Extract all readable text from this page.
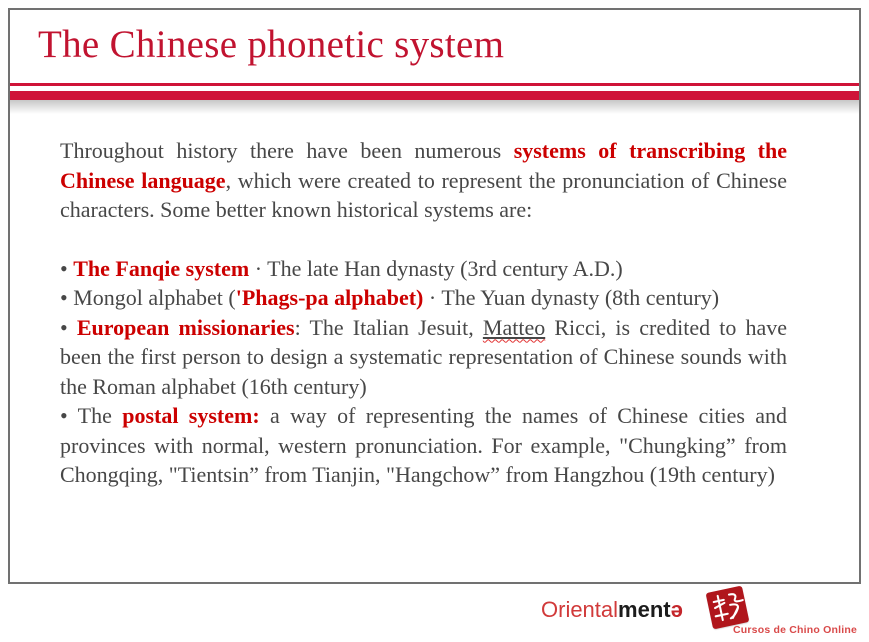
The Chinese phonetic system

Throughout history there have been numerous systems of transcribing the Chinese language, which were created to represent the pronunciation of Chinese characters. Some better known historical systems are:

• The Fanqie system · The late Han dynasty (3rd century A.D.)

• Mongol alphabet ('Phags-pa alphabet) · The Yuan dynasty (8th century)

• European missionaries: The Italian Jesuit, Matteo Ricci, is credited to have been the first person to design a systematic representation of Chinese sounds with the Roman alphabet (16th century)

• The postal system: a way of representing the names of Chinese cities and provinces with normal, western pronunciation. For example, "Chungking” from Chongqing, "Tientsin” from Tianjin, "Hangchow” from Hangzhou (19th century)

Orientalmentə
Cursos de Chino Online
